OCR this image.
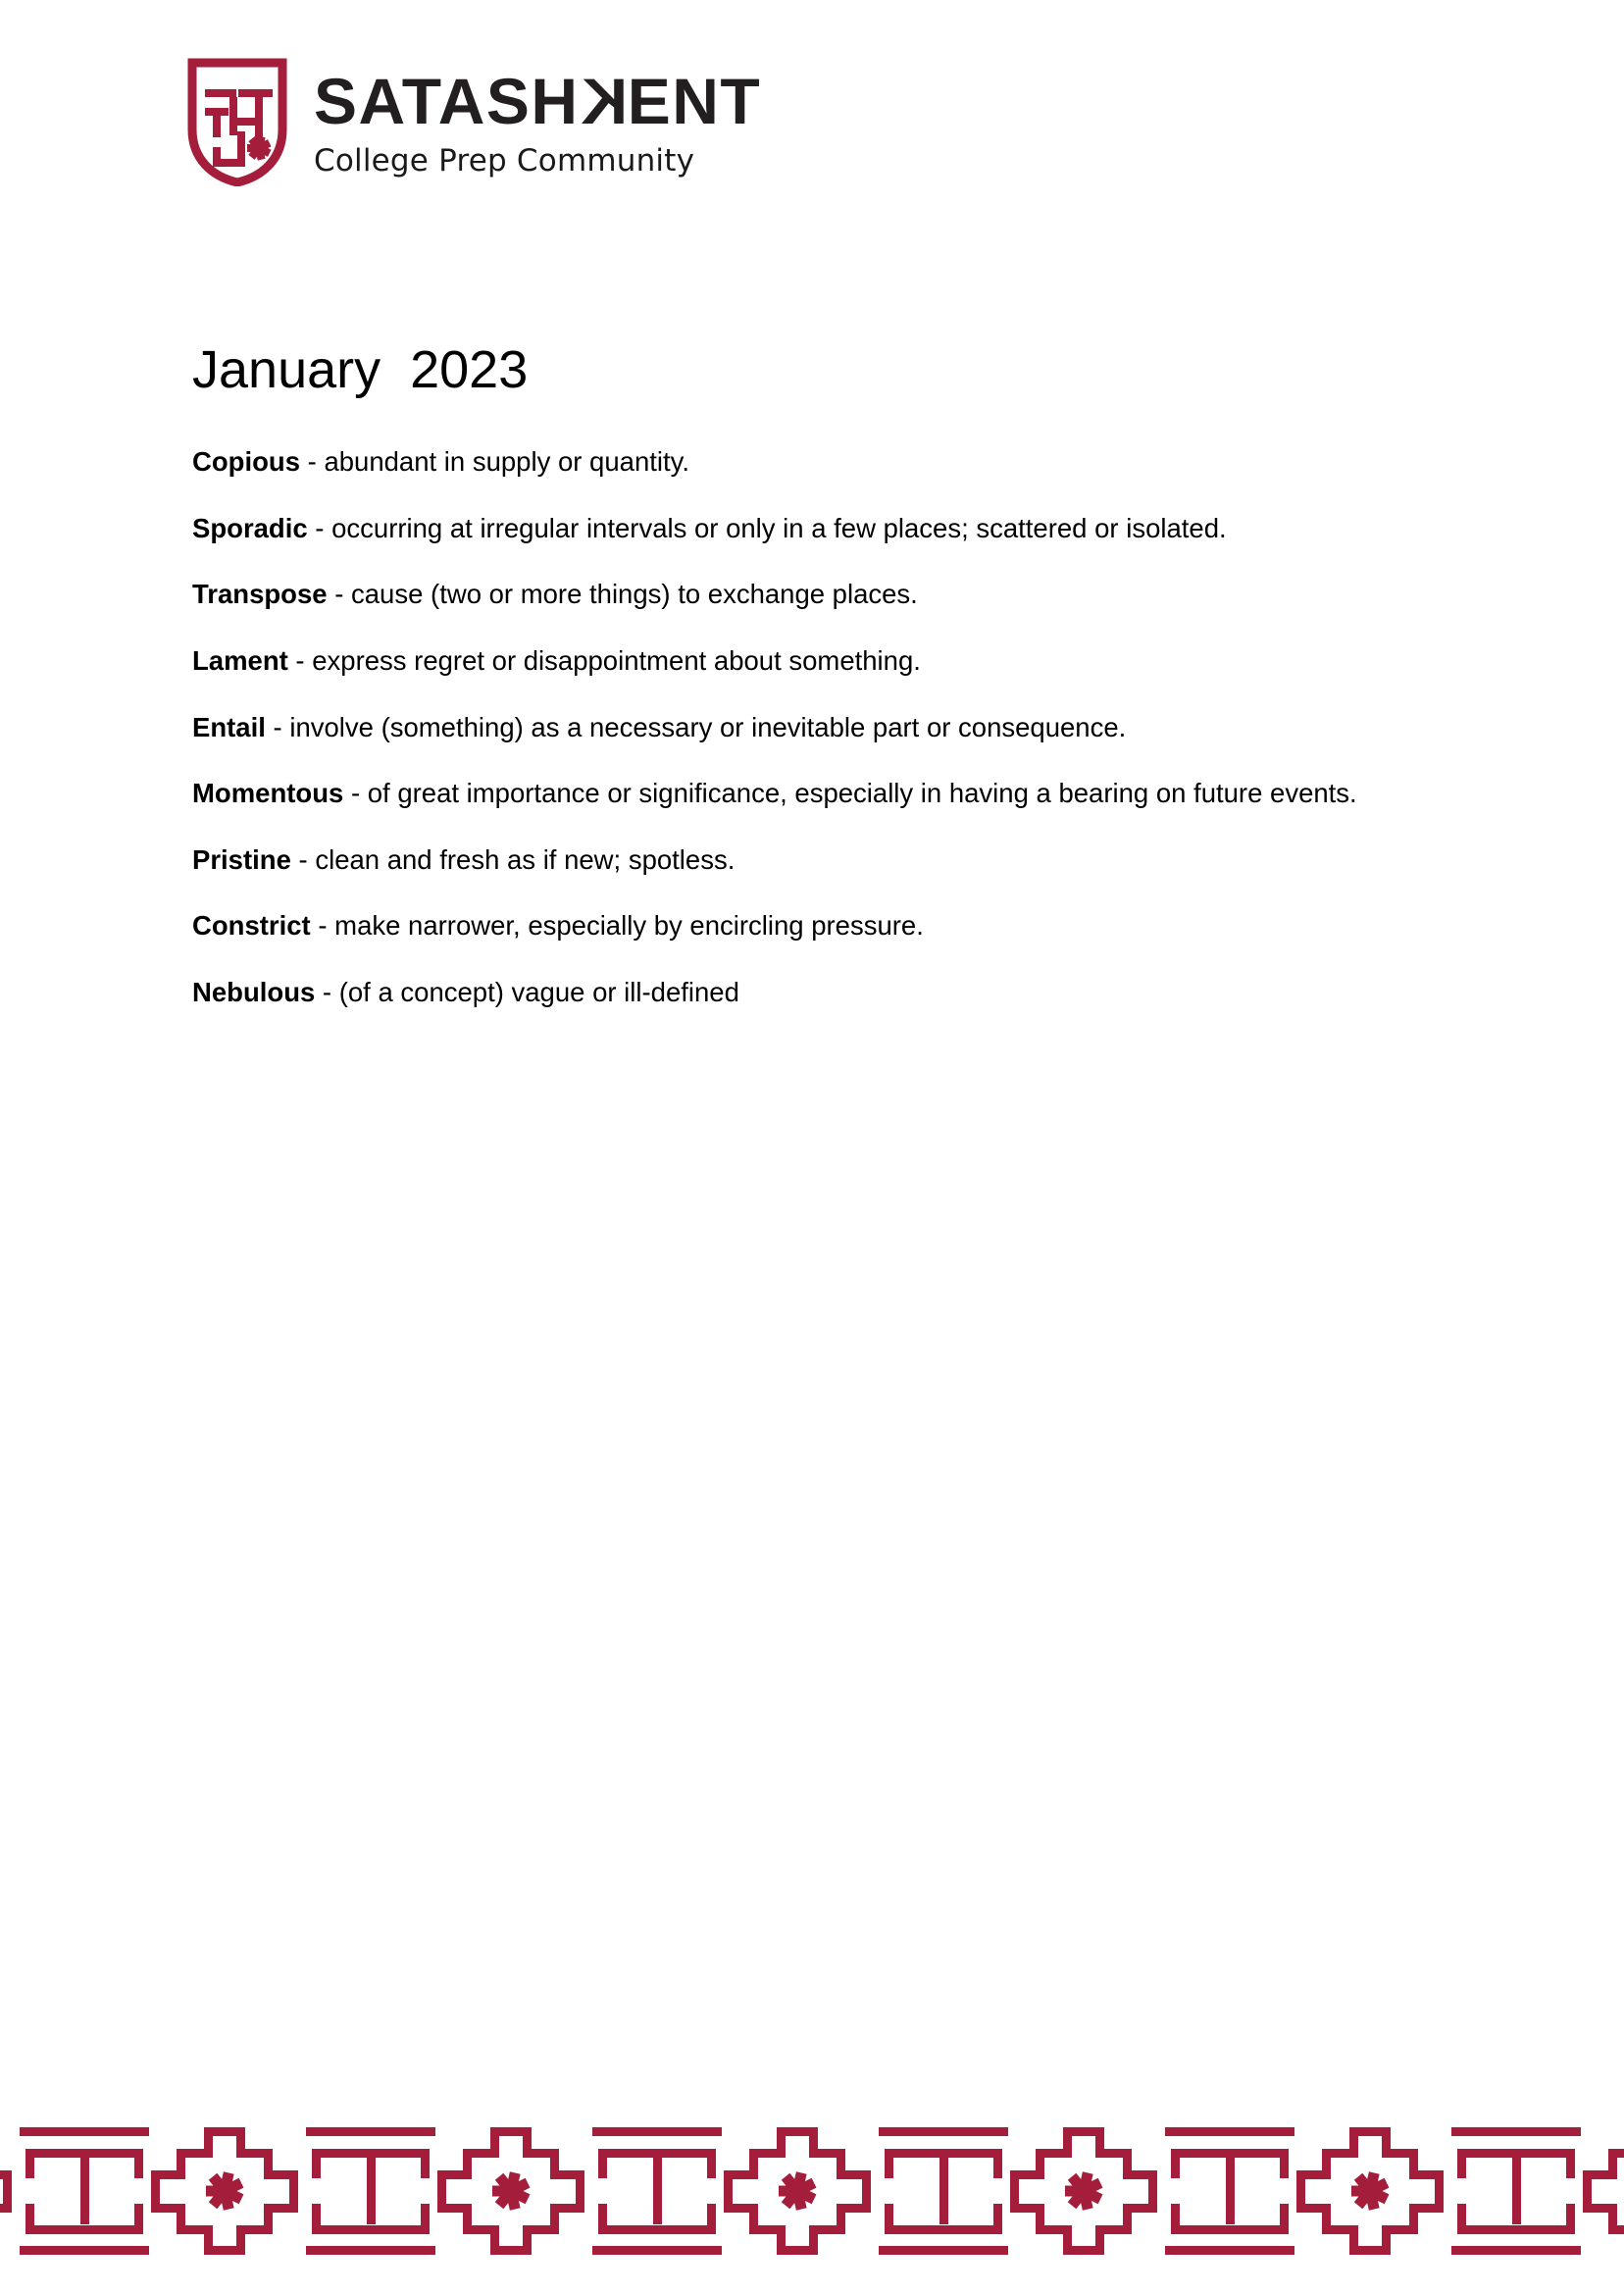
SATASHKENT
College Prep Community
January  2023
Copious - abundant in supply or quantity.
Sporadic - occurring at irregular intervals or only in a few places; scattered or isolated.
Transpose - cause (two or more things) to exchange places.
Lament - express regret or disappointment about something.
Entail - involve (something) as a necessary or inevitable part or consequence.
Momentous - of great importance or significance, especially in having a bearing on future events.
Pristine - clean and fresh as if new; spotless.
Constrict - make narrower, especially by encircling pressure.
Nebulous - (of a concept) vague or ill-defined
